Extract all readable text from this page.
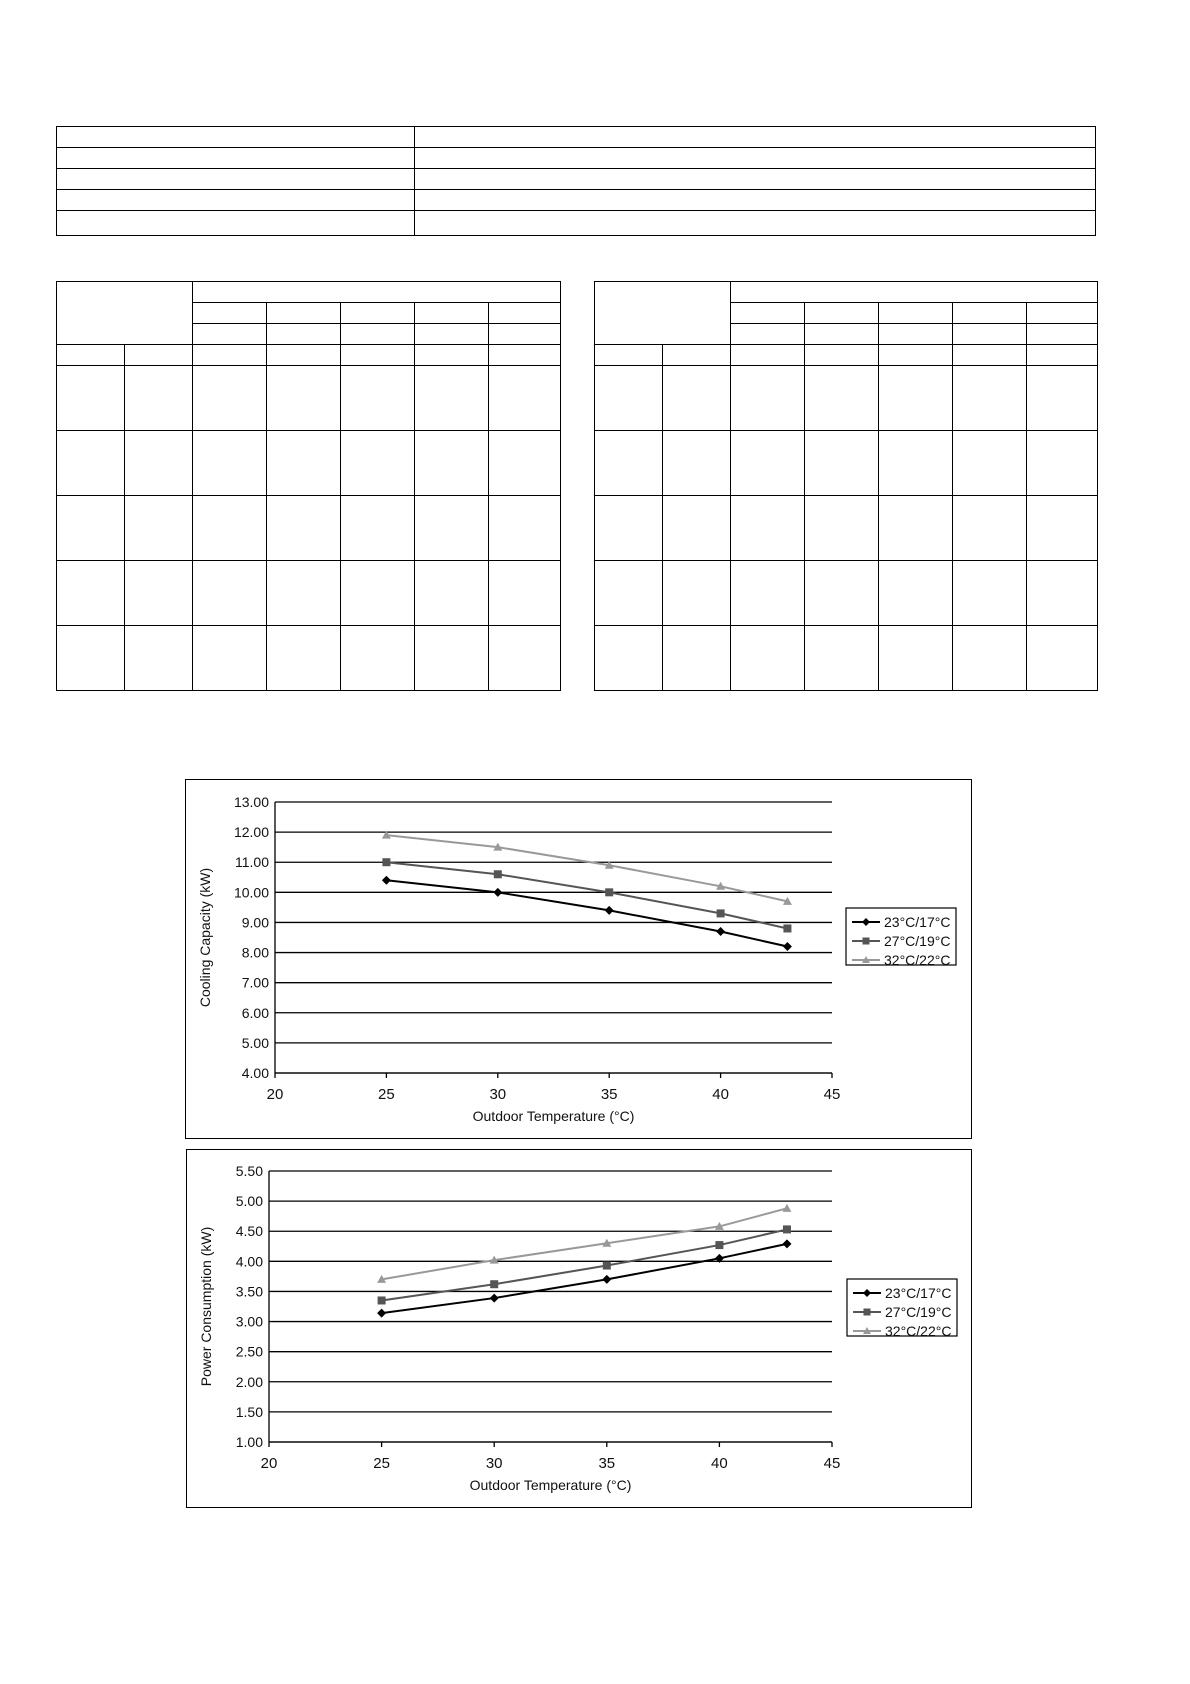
4.00
5.00
6.00
7.00
8.00
9.00
10.00
11.00
12.00
13.00
20	25	30	35	40	45
Outdoor Temperature (°C)
Cooling Capacity (kW)	23°C/17°C
27°C/19°C
32°C/22°C
1.00
1.50
2.00
2.50
3.00
3.50
4.00
4.50
5.00
5.50
20	25	30	35	40	45
Outdoor Temperature (°C)
Power Consumption (kW)	23°C/17°C
27°C/19°C
32°C/22°C
